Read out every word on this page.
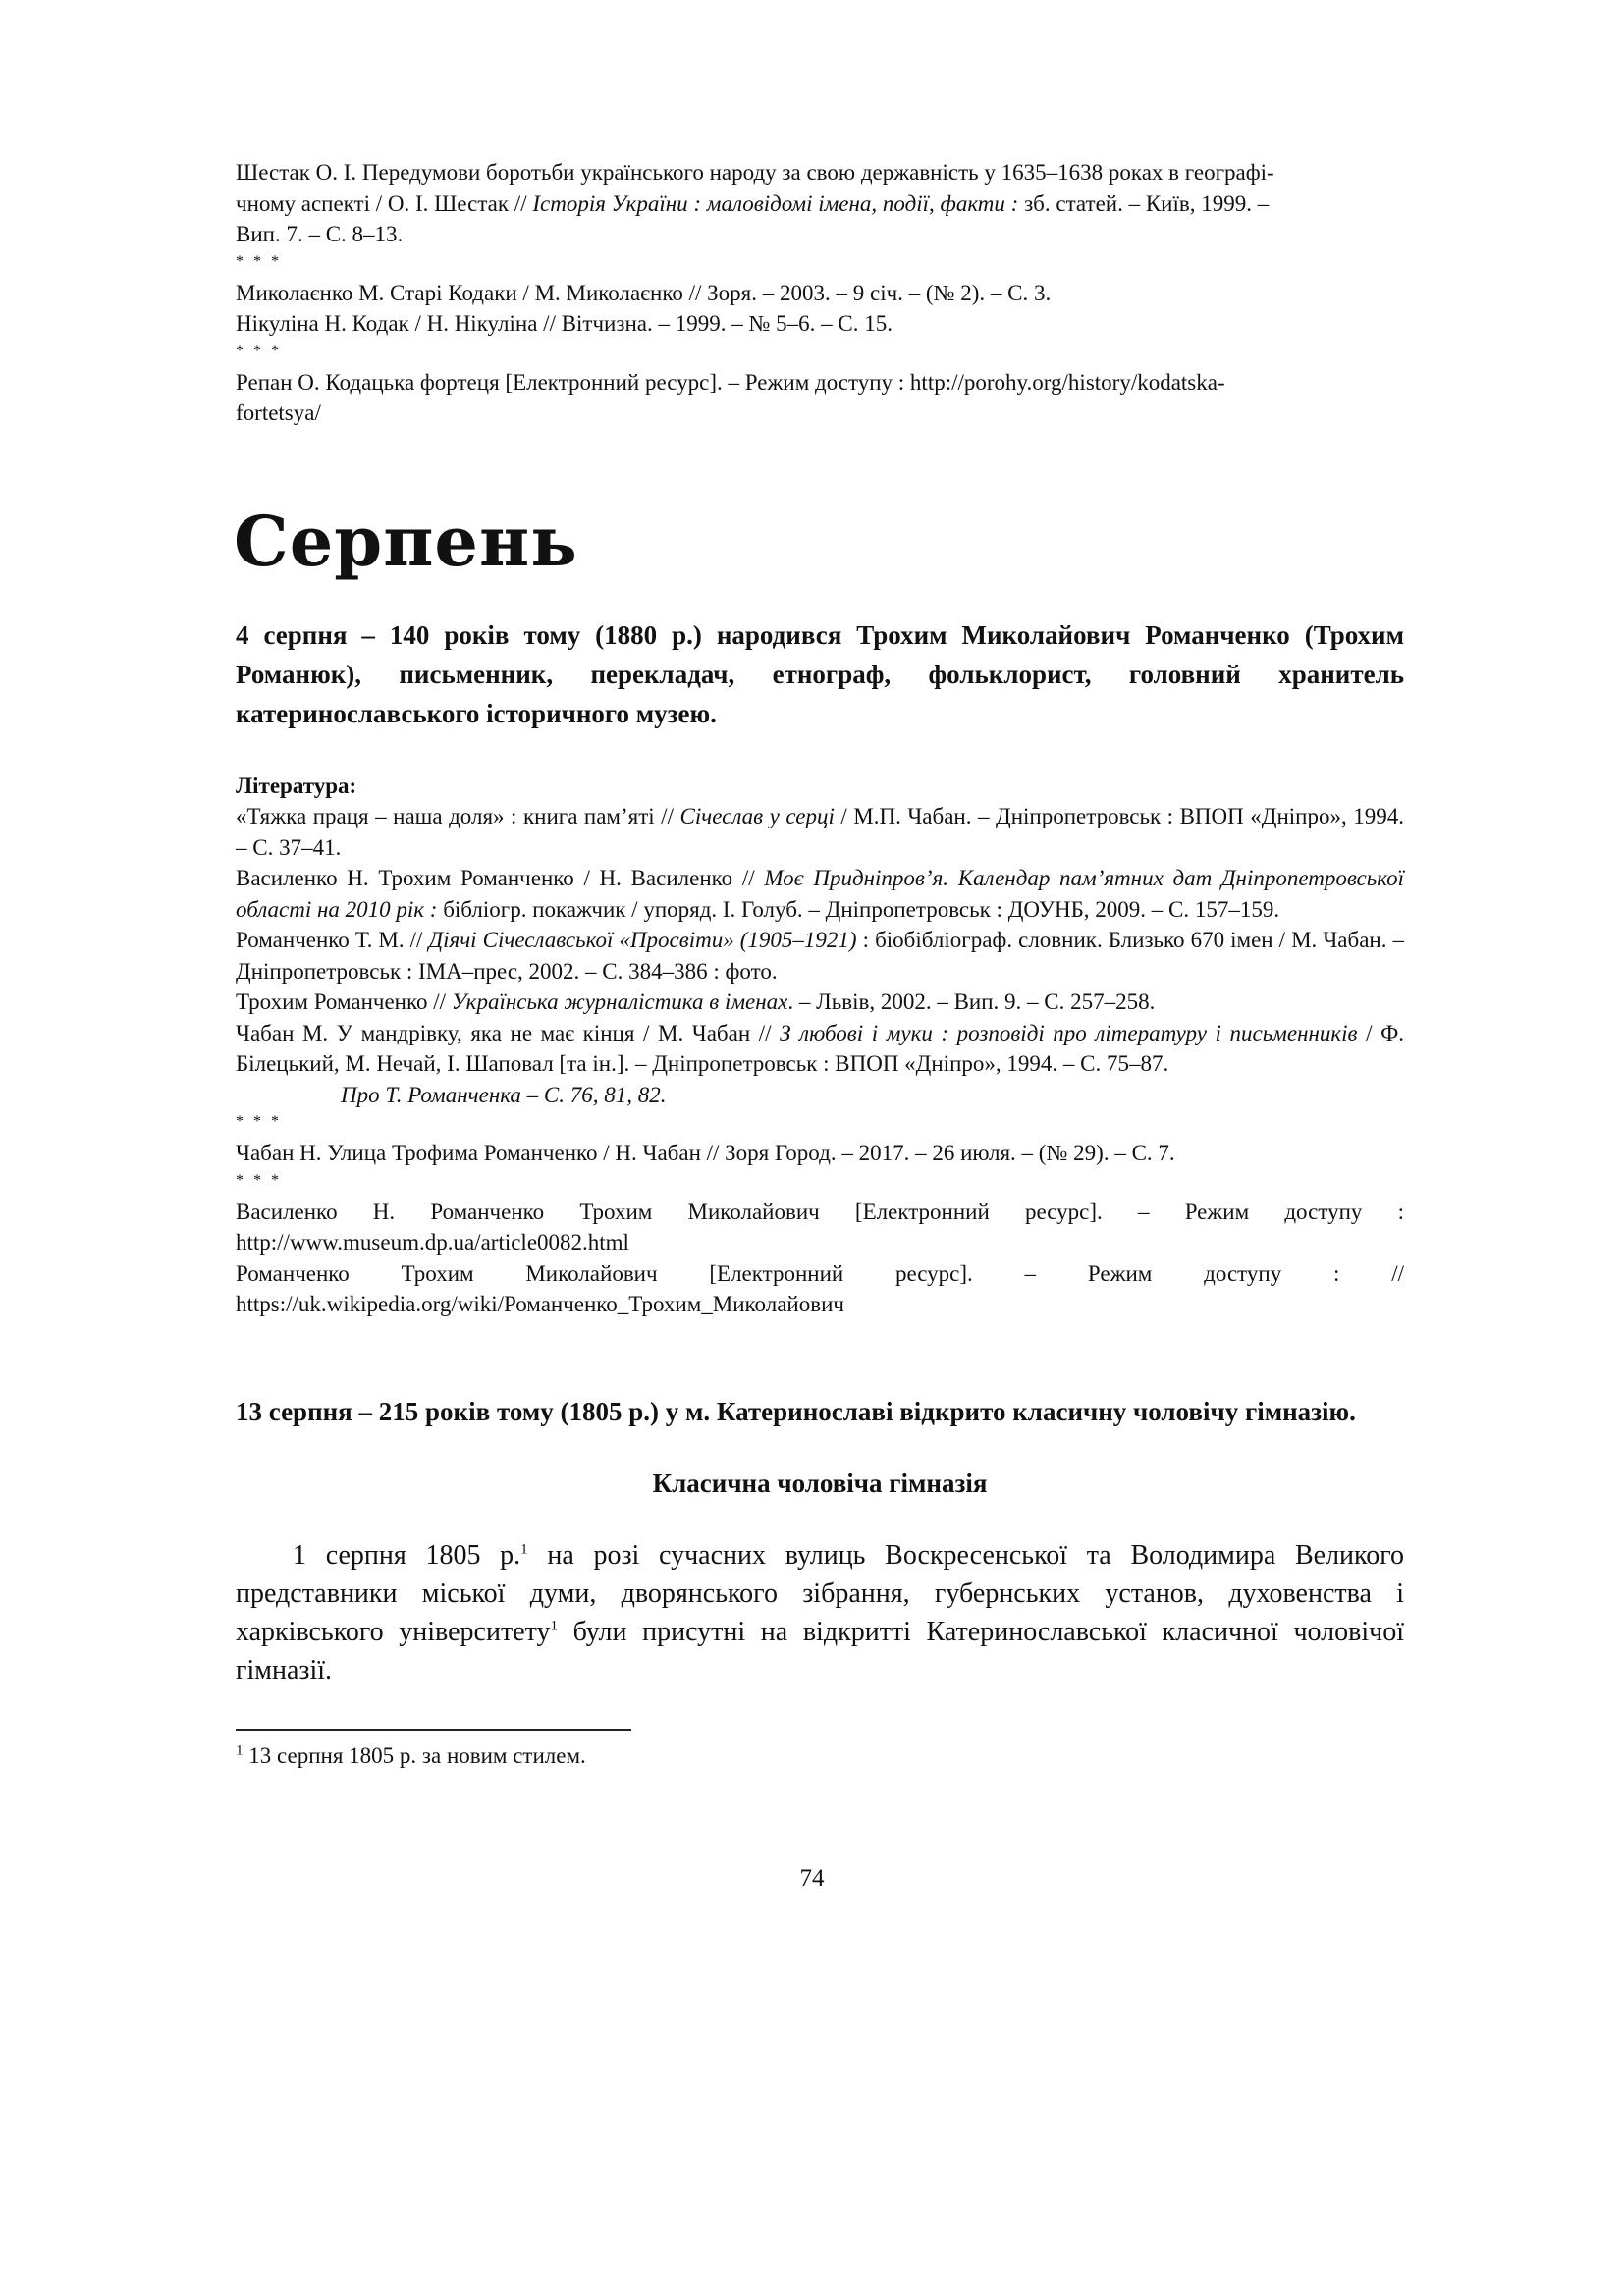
Шестак О. І. Передумови боротьби українського народу за свою державність у 1635–1638 роках в географі-
чному аспекті / О. І. Шестак // Історія України : маловідомі імена, події, факти : зб. статей. – Київ, 1999. –
Вип. 7. – С. 8–13.

* * *

Миколаєнко М. Старі Кодаки / М. Миколаєнко // Зоря. – 2003. – 9 січ. – (№ 2). – С. 3.

Нікуліна Н. Кодак / Н. Нікуліна // Вітчизна. – 1999. – № 5–6. – С. 15.

* * *

Репан О. Кодацька фортеця [Електронний ресурс]. – Режим доступу : http://porohy.org/history/kodatska-
fortetsya/

Серпень

4 серпня – 140 років тому (1880 р.) народився Трохим Миколайович Романченко (Трохим Романюк), письменник, перекладач, етнограф, фольклорист, головний хранитель катеринославського історичного музею.

Література:

«Тяжка праця – наша доля» : книга пам’яті // Січеслав у серці / М.П. Чабан. – Дніпропетровськ : ВПОП «Дніпро», 1994. – С. 37–41.

Василенко Н. Трохим Романченко / Н. Василенко // Моє Придніпров’я. Календар пам’ятних дат Дніпропетровської області на 2010 рік : бібліогр. покажчик / упоряд. І. Голуб. – Дніпропетровськ : ДОУНБ, 2009. – С. 157–159.

Романченко Т. М. // Діячі Січеславської «Просвіти» (1905–1921) : біобібліограф. словник. Близько 670 імен / М. Чабан. – Дніпропетровськ : ІМА–прес, 2002. – С. 384–386 : фото.

Трохим Романченко // Українська журналістика в іменах. – Львів, 2002. – Вип. 9. – С. 257–258.

Чабан М. У мандрівку, яка не має кінця / М. Чабан // З любові і муки : розповіді про літературу і письменників / Ф. Білецький, М. Нечай, І. Шаповал [та ін.]. – Дніпропетровськ : ВПОП «Дніпро», 1994. – С. 75–87.

Про Т. Романченка – С. 76, 81, 82.

* * *

Чабан Н. Улица Трофима Романченко / Н. Чабан // Зоря Город. – 2017. – 26 июля. – (№ 29). – С. 7.

* * *

Василенко Н. Романченко Трохим Миколайович [Електронний ресурс]. – Режим доступу :

http://www.museum.dp.ua/article0082.html

Романченко Трохим Миколайович [Електронний ресурс]. – Режим доступу : //

https://uk.wikipedia.org/wiki/Романченко_Трохим_Миколайович

13 серпня – 215 років тому (1805 р.) у м. Катеринославі відкрито класичну чоловічу гімназію.

Класична чоловіча гімназія

1 серпня 1805 р.$^1$ на розі сучасних вулиць Воскресенської та Володимира Великого представники міської думи, дворянського зібрання, губернських установ, духовенства і харківського університету$^1$ були присутні на відкритті Катеринославської класичної чоловічої гімназії.

$^1$ 13 серпня 1805 р. за новим стилем.

74
